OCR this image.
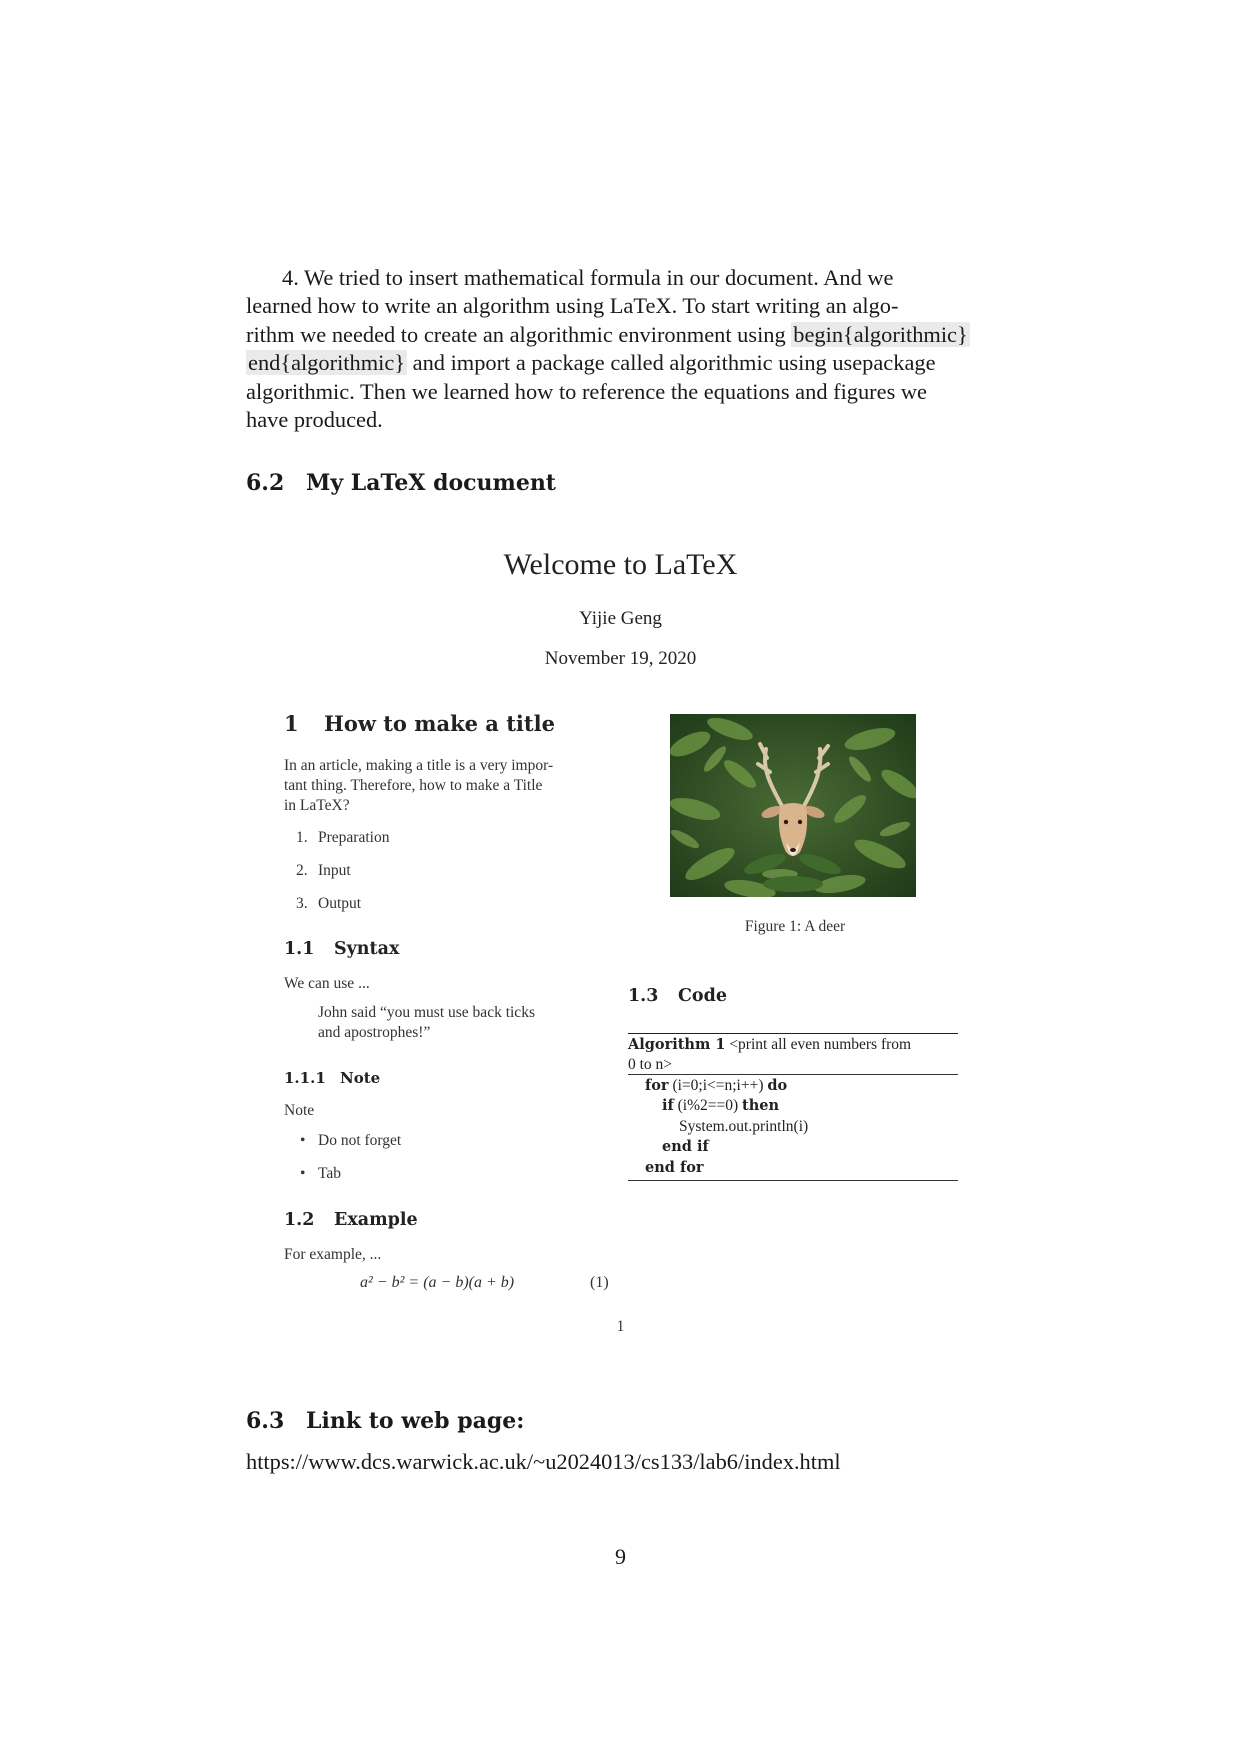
4. We tried to insert mathematical formula in our document. And we
learned how to write an algorithm using LaTeX. To start writing an algo-
rithm we needed to create an algorithmic environment using begin{algorithmic}
end{algorithmic} and import a package called algorithmic using usepackage
algorithmic. Then we learned how to reference the equations and figures we
have produced.
6.2 My LaTeX document
Welcome to LaTeX
Yijie Geng
November 19, 2020
1 How to make a title
In an article, making a title is a very impor-
tant thing. Therefore, how to make a Title
in LaTeX?
1. Preparation
2. Input
3. Output
1.1 Syntax
We can use ...
John said “you must use back ticks
and apostrophes!”
1.1.1 Note
Note
• Do not forget
• Tab
1.2 Example
For example, ...
a² − b² = (a − b)(a + b)	(1)
Figure 1: A deer
1.3 Code
Algorithm 1 <print all even numbers from
0 to n>
for (i=0;i<=n;i++) do
if (i%2==0) then
System.out.println(i)
end if
end for
1
6.3 Link to web page:
https://www.dcs.warwick.ac.uk/~u2024013/cs133/lab6/index.html
9
